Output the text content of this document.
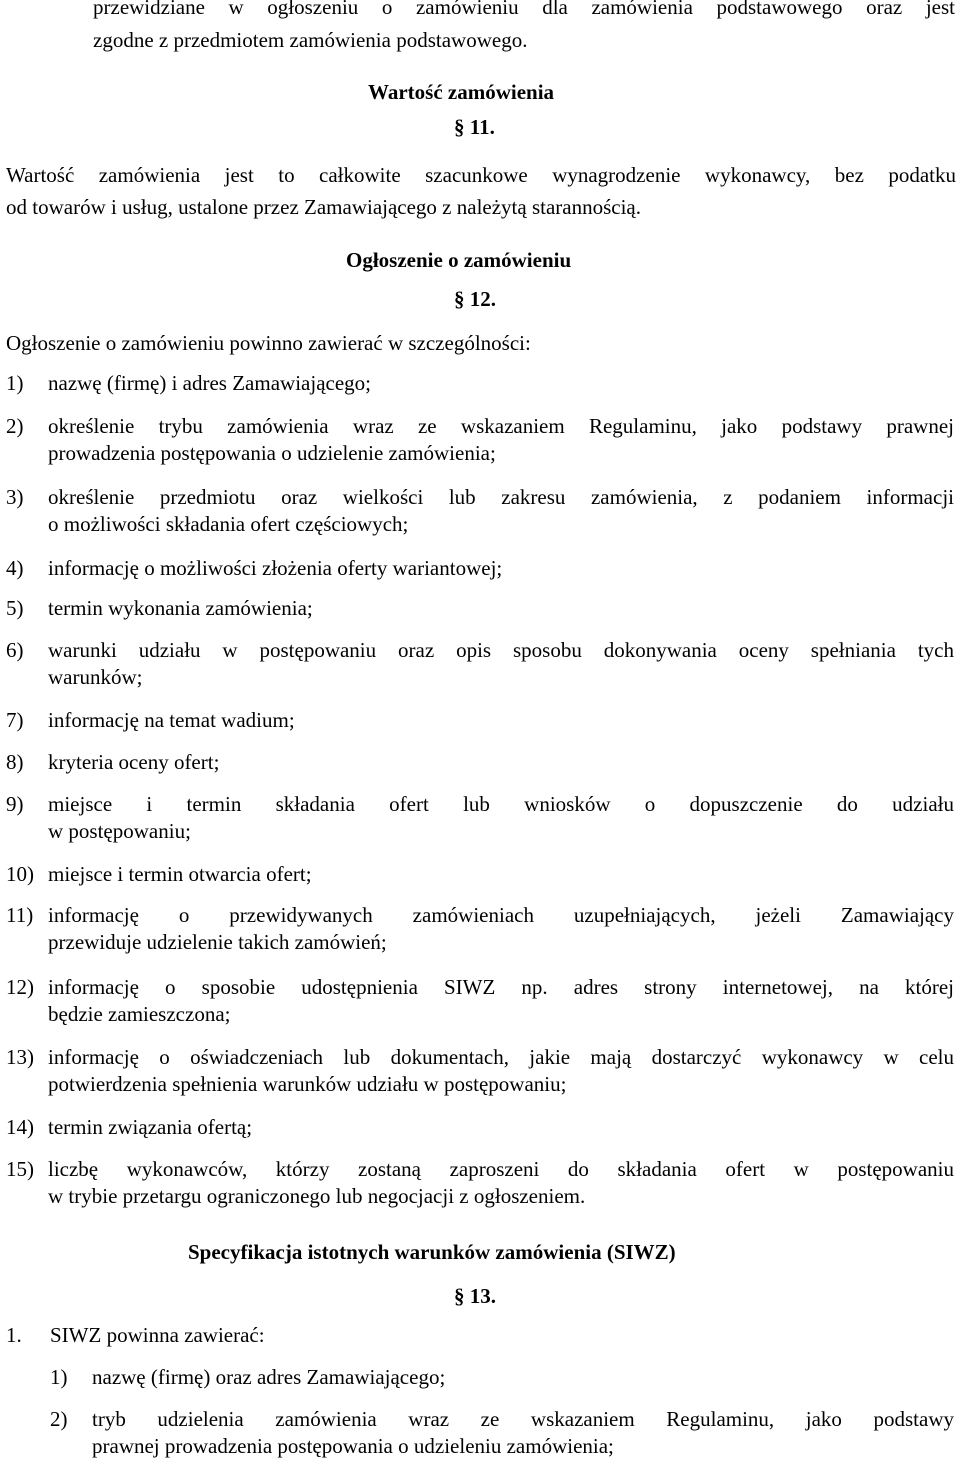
przewidziane w ogłoszeniu o zamówieniu dla zamówienia podstawowego oraz jest
zgodne z przedmiotem zamówienia podstawowego.
Wartość zamówienia
§ 11.
Wartość zamówienia jest to całkowite szacunkowe wynagrodzenie wykonawcy, bez podatku
od towarów i usług, ustalone przez Zamawiającego z należytą starannością.
Ogłoszenie o zamówieniu
§ 12.
Ogłoszenie o zamówieniu powinno zawierać w szczególności:
1) nazwę (firmę) i adres Zamawiającego;
2) określenie trybu zamówienia wraz ze wskazaniem Regulaminu, jako podstawy prawnej
prowadzenia postępowania o udzielenie zamówienia;
3) określenie przedmiotu oraz wielkości lub zakresu zamówienia, z podaniem informacji
o możliwości składania ofert częściowych;
4) informację o możliwości złożenia oferty wariantowej;
5) termin wykonania zamówienia;
6) warunki udziału w postępowaniu oraz opis sposobu dokonywania oceny spełniania tych
warunków;
7) informację na temat wadium;
8) kryteria oceny ofert;
9) miejsce i termin składania ofert lub wniosków o dopuszczenie do udziału
w postępowaniu;
10) miejsce i termin otwarcia ofert;
11) informację o przewidywanych zamówieniach uzupełniających, jeżeli Zamawiający
przewiduje udzielenie takich zamówień;
12) informację o sposobie udostępnienia SIWZ np. adres strony internetowej, na której
będzie zamieszczona;
13) informację o oświadczeniach lub dokumentach, jakie mają dostarczyć wykonawcy w celu
potwierdzenia spełnienia warunków udziału w postępowaniu;
14) termin związania ofertą;
15) liczbę wykonawców, którzy zostaną zaproszeni do składania ofert w postępowaniu
w trybie przetargu ograniczonego lub negocjacji z ogłoszeniem.
Specyfikacja istotnych warunków zamówienia (SIWZ)
§ 13.
1. SIWZ powinna zawierać:
1) nazwę (firmę) oraz adres Zamawiającego;
2) tryb udzielenia zamówienia wraz ze wskazaniem Regulaminu, jako podstawy
prawnej prowadzenia postępowania o udzieleniu zamówienia;
